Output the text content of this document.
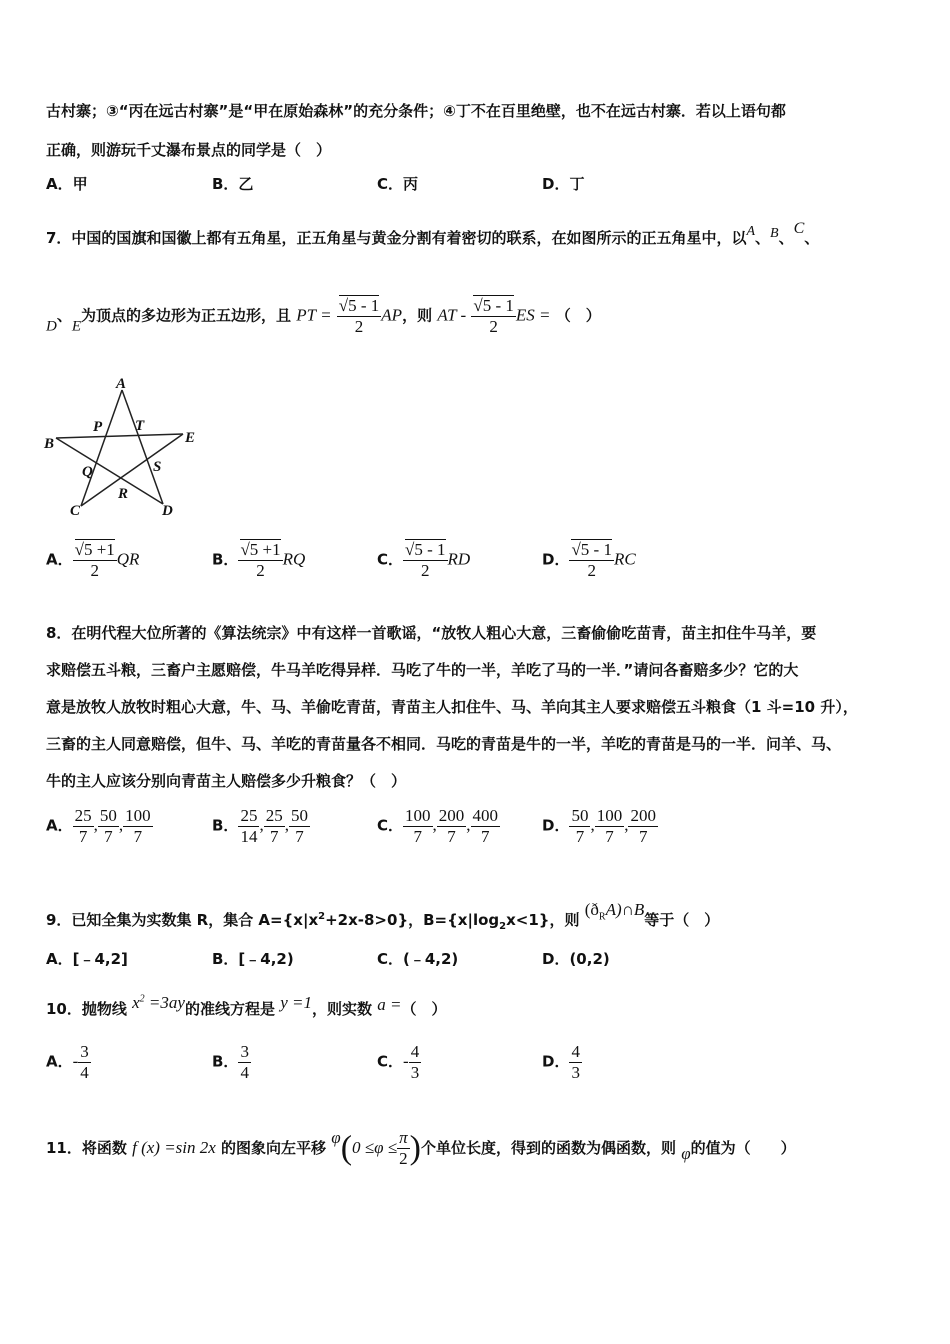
古村寨；③“丙在远古村寨”是“甲在原始森林”的充分条件；④丁不在百里绝壁，也不在远古村寨．若以上语句都
正确，则游玩千丈瀑布景点的同学是（　）
A．甲	B．乙	C．丙	D．丁
7．中国的国旗和国徽上都有五角星，正五角星与黄金分割有着密切的联系，在如图所示的正五角星中，以A、B、C、
D、E为顶点的多边形为正五边形，且 PT = $\frac{√5 - 1}{2}$ AP，则 AT - $\frac{√5 - 1}{2}$ ES = （　）
A
B
C	D
E
P T
Q	S
R
A． $\frac{√5 +1}{2}$ QR	B． $\frac{√5 +1}{2}$ RQ	C． $\frac{√5 - 1}{2}$ RD	D． $\frac{√5 - 1}{2}$ RC
8．在明代程大位所著的《算法统宗》中有这样一首歌谣，“放牧人粗心大意，三畜偷偷吃苗青，苗主扣住牛马羊，要
求赔偿五斗粮，三畜户主愿赔偿，牛马羊吃得异样．马吃了牛的一半，羊吃了马的一半．”请问各畜赔多少？它的大
意是放牧人放牧时粗心大意，牛、马、羊偷吃青苗，青苗主人扣住牛、马、羊向其主人要求赔偿五斗粮食（1 斗=10 升），
三畜的主人同意赔偿，但牛、马、羊吃的青苗量各不相同．马吃的青苗是牛的一半，羊吃的青苗是马的一半．问羊、马、
牛的主人应该分别向青苗主人赔偿多少升粮食？（　）
A． $\frac{25}{7}$ , $\frac{50}{7}$ , $\frac{100}{7}$	B． $\frac{25}{14}$ , $\frac{25}{7}$ , $\frac{50}{7}$	C． $\frac{100}{7}$ , $\frac{200}{7}$ , $\frac{400}{7}$	D． $\frac{50}{7}$ , $\frac{100}{7}$ , $\frac{200}{7}$
9．已知全集为实数集 R，集合 $A=\{x|x^2+2x-8>0\}$，$B=\{x|\log_2x<1\}$，则 $(ð_RA)\cap B$等于（　）
A．[﹣4,2]	B．[﹣4,2)	C．(﹣4,2)	D．(0,2)
10．抛物线 $x^2 =3ay$的准线方程是 y =1，则实数 a =（　）
A．- $\frac{3}{4}$	B． $\frac{3}{4}$	C．- $\frac{4}{3}$	D． $\frac{4}{3}$
11．将函数 f (x) =sin 2x 的图象向左平移 $\varphi(0 \le\varphi \le \frac{\pi}{2}$ )个单位长度，得到的函数为偶函数，则 φ的值为（　　）
